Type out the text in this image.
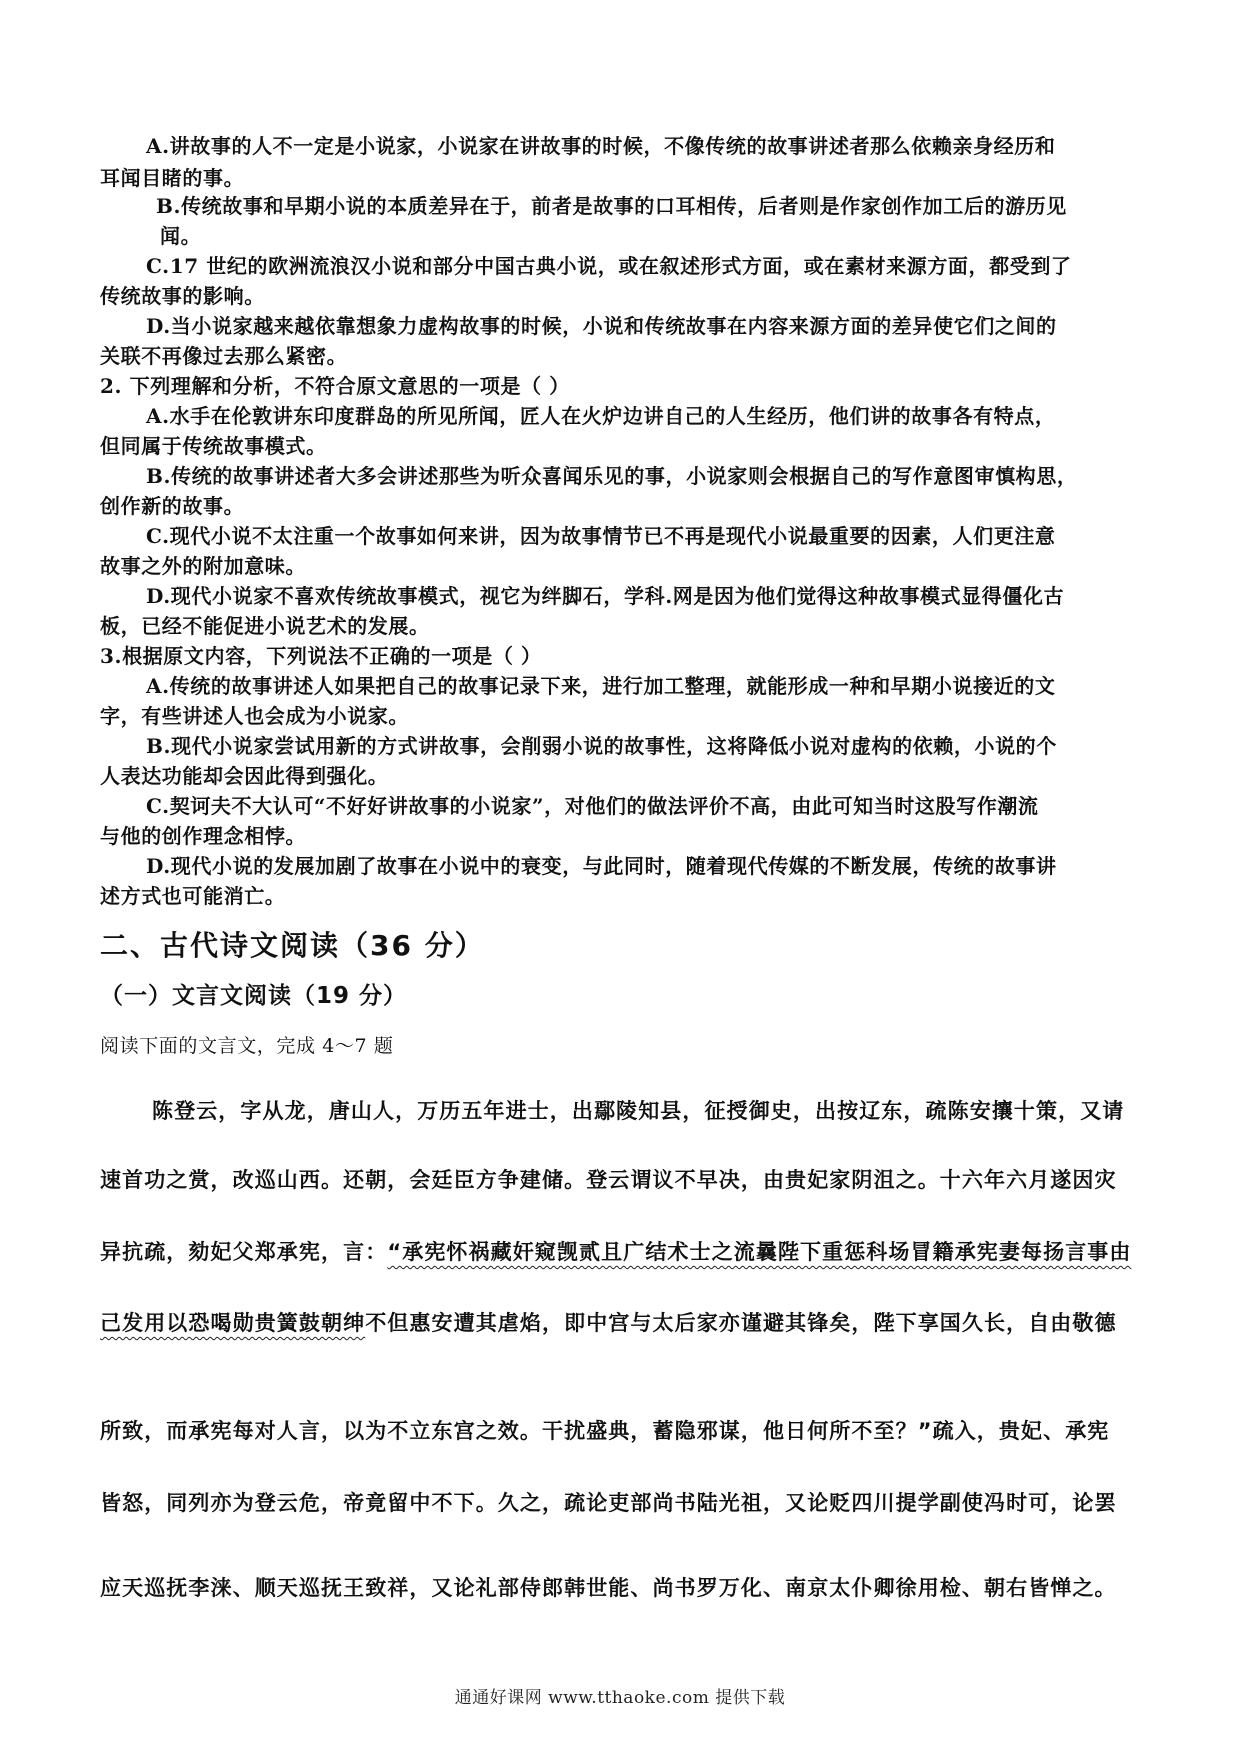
A.讲故事的人不一定是小说家，小说家在讲故事的时候，不像传统的故事讲述者那么依赖亲身经历和
耳闻目睹的事。
B.传统故事和早期小说的本质差异在于，前者是故事的口耳相传，后者则是作家创作加工后的游历见
闻。
C.17 世纪的欧洲流浪汉小说和部分中国古典小说，或在叙述形式方面，或在素材来源方面，都受到了
传统故事的影响。
D.当小说家越来越依靠想象力虚构故事的时候，小说和传统故事在内容来源方面的差异使它们之间的
关联不再像过去那么紧密。
2. 下列理解和分析，不符合原文意思的一项是（ ）
A.水手在伦敦讲东印度群岛的所见所闻，匠人在火炉边讲自己的人生经历，他们讲的故事各有特点，
但同属于传统故事模式。
B.传统的故事讲述者大多会讲述那些为听众喜闻乐见的事，小说家则会根据自己的写作意图审慎构思，
创作新的故事。
C.现代小说不太注重一个故事如何来讲，因为故事情节已不再是现代小说最重要的因素，人们更注意
故事之外的附加意味。
D.现代小说家不喜欢传统故事模式，视它为绊脚石，学科.网是因为他们觉得这种故事模式显得僵化古
板，已经不能促进小说艺术的发展。
3.根据原文内容，下列说法不正确的一项是（ ）
A.传统的故事讲述人如果把自己的故事记录下来，进行加工整理，就能形成一种和早期小说接近的文
字，有些讲述人也会成为小说家。
B.现代小说家尝试用新的方式讲故事，会削弱小说的故事性，这将降低小说对虚构的依赖，小说的个
人表达功能却会因此得到强化。
C.契诃夫不大认可“不好好讲故事的小说家”，对他们的做法评价不高，由此可知当时这股写作潮流
与他的创作理念相悖。
D.现代小说的发展加剧了故事在小说中的衰变，与此同时，随着现代传媒的不断发展，传统的故事讲
述方式也可能消亡。
二、古代诗文阅读（36 分）
（一）文言文阅读（19 分）
阅读下面的文言文，完成 4～7 题
陈登云，字从龙，唐山人，万历五年进士，出鄢陵知县，征授御史，出按辽东，疏陈安攘十策，又请
速首功之赏，改巡山西。还朝，会廷臣方争建储。登云谓议不早决，由贵妃家阴沮之。十六年六月遂因灾
异抗疏，劾妃父郑承宪，言：“承宪怀祸藏奸窥觊贰且广结术士之流曩陛下重惩科场冒籍承宪妻每扬言事由
己发用以恐喝勋贵簧鼓朝绅不但惠安遭其虐焰，即中宫与太后家亦谨避其锋矣，陛下享国久长，自由敬德
所致，而承宪每对人言，以为不立东宫之效。干扰盛典，蓄隐邪谋，他日何所不至？”疏入，贵妃、承宪
皆怒，同列亦为登云危，帝竟留中不下。久之，疏论吏部尚书陆光祖，又论贬四川提学副使冯时可，论罢
应天巡抚李涞、顺天巡抚王致祥，又论礼部侍郎韩世能、尚书罗万化、南京太仆卿徐用检、朝右皆惮之。
通通好课网 www.tthaoke.com 提供下载
